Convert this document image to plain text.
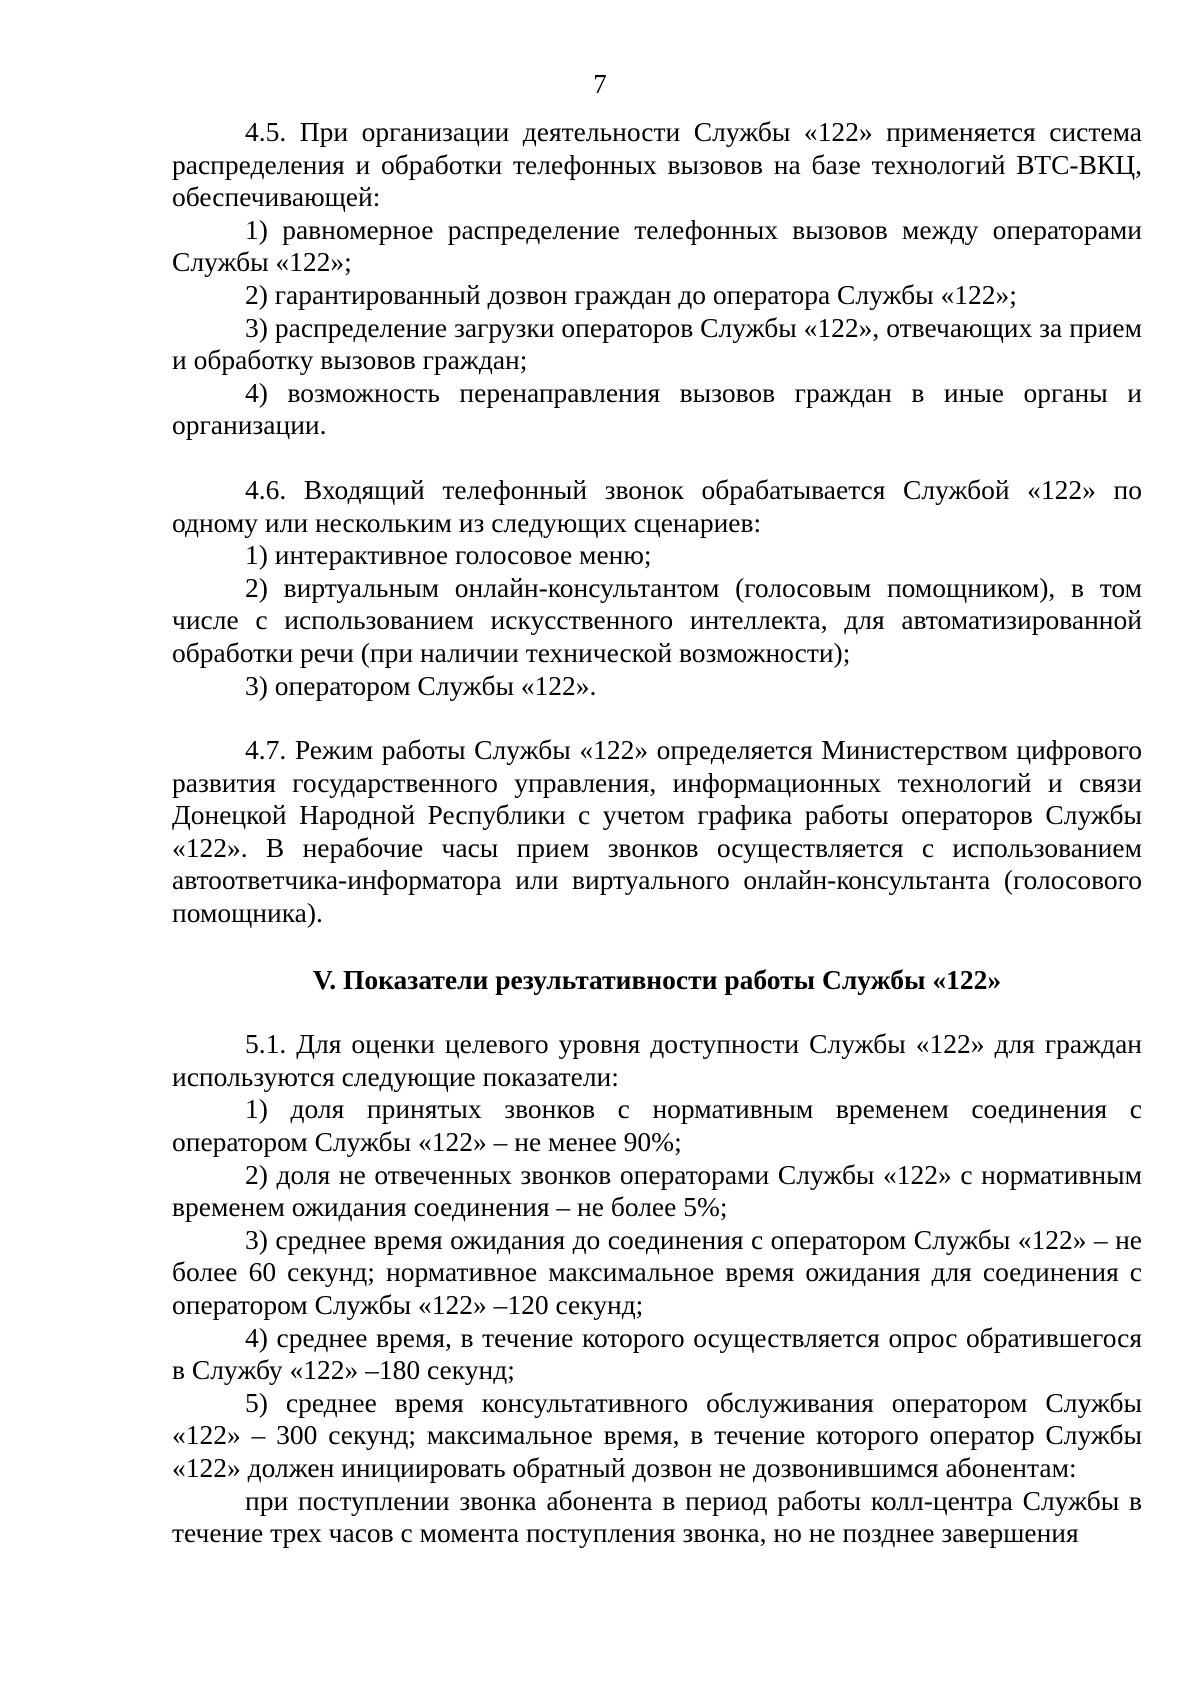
7

4.5. При организации деятельности Службы «122» применяется система распределения и обработки телефонных вызовов на базе технологий ВТС-ВКЦ, обеспечивающей:

1) равномерное распределение телефонных вызовов между операторами Службы «122»;

2) гарантированный дозвон граждан до оператора Службы «122»;

3) распределение загрузки операторов Службы «122», отвечающих за прием и обработку вызовов граждан;

4) возможность перенаправления вызовов граждан в иные органы и организации.

4.6. Входящий телефонный звонок обрабатывается Службой «122» по одному или нескольким из следующих сценариев:

1) интерактивное голосовое меню;

2) виртуальным онлайн-консультантом (голосовым помощником), в том числе с использованием искусственного интеллекта, для автоматизированной обработки речи (при наличии технической возможности);

3) оператором Службы «122».

4.7. Режим работы Службы «122» определяется Министерством цифрового развития государственного управления, информационных технологий и связи Донецкой Народной Республики с учетом графика работы операторов Службы «122». В нерабочие часы прием звонков осуществляется с использованием автоответчика-информатора или виртуального онлайн-консультанта (голосового помощника).

V. Показатели результативности работы Службы «122»

5.1. Для оценки целевого уровня доступности Службы «122» для граждан используются следующие показатели:

1) доля принятых звонков с нормативным временем соединения с оператором Службы «122» – не менее 90%;

2) доля не отвеченных звонков операторами Службы «122» с нормативным временем ожидания соединения – не более 5%;

3) среднее время ожидания до соединения с оператором Службы «122» – не более 60 секунд; нормативное максимальное время ожидания для соединения с оператором Службы «122» –120 секунд;

4) среднее время, в течение которого осуществляется опрос обратившегося в Службу «122» –180 секунд;

5) среднее время консультативного обслуживания оператором Службы «122» – 300 секунд; максимальное время, в течение которого оператор Службы «122» должен инициировать обратный дозвон не дозвонившимся абонентам:

при поступлении звонка абонента в период работы колл-центра Службы в течение трех часов с момента поступления звонка, но не позднее завершения
